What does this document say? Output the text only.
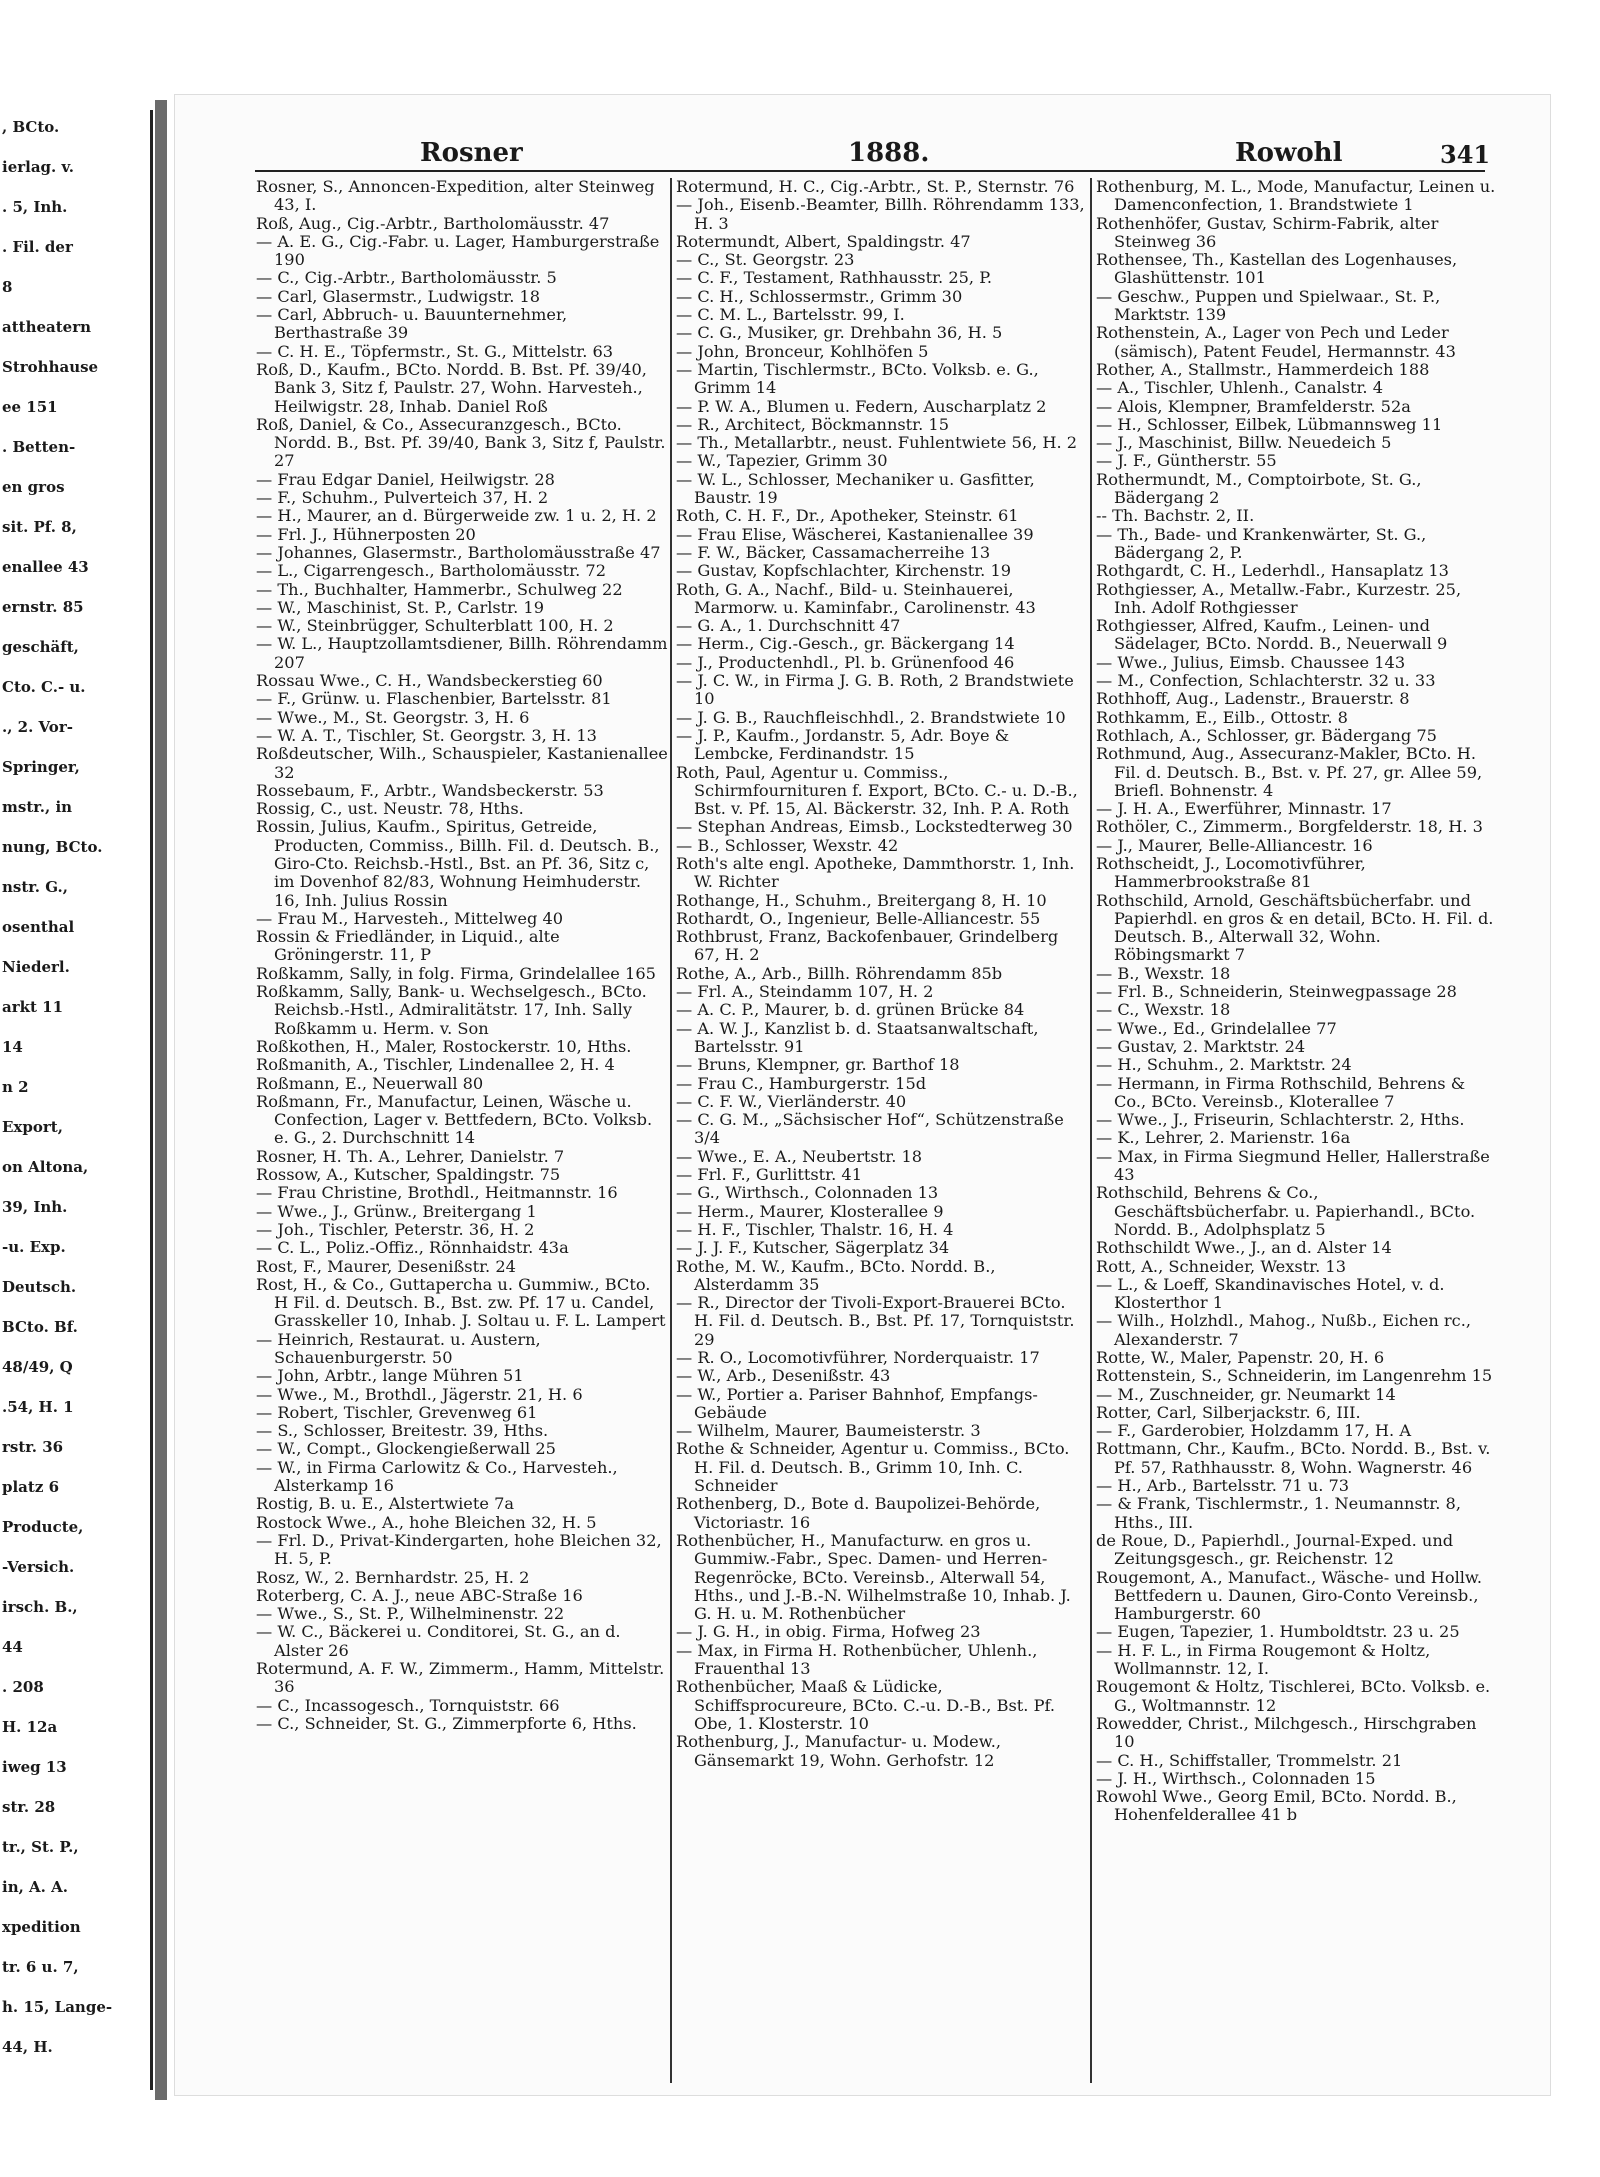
, BCto.
ierlag. v.
. 5, Inh.
. Fil. der
8
attheatern
Strohhause
ee 151
. Betten-
en gros
sit. Pf. 8,
enallee 43
ernstr. 85
geschäft,
Cto. C.- u.
., 2. Vor-
Springer,
mstr., in
nung, BCto.
nstr. G.,
osenthal
Niederl.
arkt 11
14
n 2
Export,
on Altona,
39, Inh.
-u. Exp.
Deutsch.
BCto. Bf.
48/49, Q
.54, H. 1
rstr. 36
platz 6
Producte,
-Versich.
irsch. B.,
44
. 208
H. 12a
iweg 13
str. 28
tr., St. P.,
in, A. A.
xpedition
tr. 6 u. 7,
h. 15, Lange-
44, H.
Rosner	1888.	Rowohl	341
Rosner, S., Annoncen-Expedition, alter Steinweg 43, I.
Roß, Aug., Cig.-Arbtr., Bartholomäusstr. 47
— A. E. G., Cig.-Fabr. u. Lager, Hamburgerstraße 190
— C., Cig.-Arbtr., Bartholomäusstr. 5
— Carl, Glasermstr., Ludwigstr. 18
— Carl, Abbruch- u. Bauunternehmer, Berthastraße 39
— C. H. E., Töpfermstr., St. G., Mittelstr. 63
Roß, D., Kaufm., BCto. Nordd. B. Bst. Pf. 39/40, Bank 3, Sitz f, Paulstr. 27, Wohn. Harvesteh., Heilwigstr. 28, Inhab. Daniel Roß
Roß, Daniel, & Co., Assecuranzgesch., BCto. Nordd. B., Bst. Pf. 39/40, Bank 3, Sitz f, Paulstr. 27
— Frau Edgar Daniel, Heilwigstr. 28
— F., Schuhm., Pulverteich 37, H. 2
— H., Maurer, an d. Bürgerweide zw. 1 u. 2, H. 2
— Frl. J., Hühnerposten 20
— Johannes, Glasermstr., Bartholomäusstraße 47
— L., Cigarrengesch., Bartholomäusstr. 72
— Th., Buchhalter, Hammerbr., Schulweg 22
— W., Maschinist, St. P., Carlstr. 19
— W., Steinbrügger, Schulterblatt 100, H. 2
— W. L., Hauptzollamtsdiener, Billh. Röhrendamm 207
Rossau Wwe., C. H., Wandsbeckerstieg 60
— F., Grünw. u. Flaschenbier, Bartelsstr. 81
— Wwe., M., St. Georgstr. 3, H. 6
— W. A. T., Tischler, St. Georgstr. 3, H. 13
Roßdeutscher, Wilh., Schauspieler, Kastanienallee 32
Rossebaum, F., Arbtr., Wandsbeckerstr. 53
Rossig, C., ust. Neustr. 78, Hths.
Rossin, Julius, Kaufm., Spiritus, Getreide, Producten, Commiss., Billh. Fil. d. Deutsch. B., Giro-Cto. Reichsb.-Hstl., Bst. an Pf. 36, Sitz c, im Dovenhof 82/83, Wohnung Heimhuderstr. 16, Inh. Julius Rossin
— Frau M., Harvesteh., Mittelweg 40
Rossin & Friedländer, in Liquid., alte Gröningerstr. 11, P
Roßkamm, Sally, in folg. Firma, Grindelallee 165
Roßkamm, Sally, Bank- u. Wechselgesch., BCto. Reichsb.-Hstl., Admiralitätstr. 17, Inh. Sally Roßkamm u. Herm. v. Son
Roßkothen, H., Maler, Rostockerstr. 10, Hths.
Roßmanith, A., Tischler, Lindenallee 2, H. 4
Roßmann, E., Neuerwall 80
Roßmann, Fr., Manufactur, Leinen, Wäsche u. Confection, Lager v. Bettfedern, BCto. Volksb. e. G., 2. Durchschnitt 14
Rosner, H. Th. A., Lehrer, Danielstr. 7
Rossow, A., Kutscher, Spaldingstr. 75
— Frau Christine, Brothdl., Heitmannstr. 16
— Wwe., J., Grünw., Breitergang 1
— Joh., Tischler, Peterstr. 36, H. 2
— C. L., Poliz.-Offiz., Rönnhaidstr. 43a
Rost, F., Maurer, Desenißstr. 24
Rost, H., & Co., Guttapercha u. Gummiw., BCto. H Fil. d. Deutsch. B., Bst. zw. Pf. 17 u. Candel, Grasskeller 10, Inhab. J. Soltau u. F. L. Lampert
— Heinrich, Restaurat. u. Austern, Schauenburgerstr. 50
— John, Arbtr., lange Mühren 51
— Wwe., M., Brothdl., Jägerstr. 21, H. 6
— Robert, Tischler, Grevenweg 61
— S., Schlosser, Breitestr. 39, Hths.
— W., Compt., Glockengießerwall 25
— W., in Firma Carlowitz & Co., Harvesteh., Alsterkamp 16
Rostig, B. u. E., Alstertwiete 7a
Rostock Wwe., A., hohe Bleichen 32, H. 5
— Frl. D., Privat-Kindergarten, hohe Bleichen 32, H. 5, P.
Rosz, W., 2. Bernhardstr. 25, H. 2
Roterberg, C. A. J., neue ABC-Straße 16
— Wwe., S., St. P., Wilhelminenstr. 22
— W. C., Bäckerei u. Conditorei, St. G., an d. Alster 26
Rotermund, A. F. W., Zimmerm., Hamm, Mittelstr. 36
— C., Incassogesch., Tornquiststr. 66
— C., Schneider, St. G., Zimmerpforte 6, Hths.
Rotermund, H. C., Cig.-Arbtr., St. P., Sternstr. 76
— Joh., Eisenb.-Beamter, Billh. Röhrendamm 133, H. 3
Rotermundt, Albert, Spaldingstr. 47
— C., St. Georgstr. 23
— C. F., Testament, Rathhausstr. 25, P.
— C. H., Schlossermstr., Grimm 30
— C. M. L., Bartelsstr. 99, I.
— C. G., Musiker, gr. Drehbahn 36, H. 5
— John, Bronceur, Kohlhöfen 5
— Martin, Tischlermstr., BCto. Volksb. e. G., Grimm 14
— P. W. A., Blumen u. Federn, Auscharplatz 2
— R., Architect, Böckmannstr. 15
— Th., Metallarbtr., neust. Fuhlentwiete 56, H. 2
— W., Tapezier, Grimm 30
— W. L., Schlosser, Mechaniker u. Gasfitter, Baustr. 19
Roth, C. H. F., Dr., Apotheker, Steinstr. 61
— Frau Elise, Wäscherei, Kastanienallee 39
— F. W., Bäcker, Cassamacherreihe 13
— Gustav, Kopfschlachter, Kirchenstr. 19
Roth, G. A., Nachf., Bild- u. Steinhauerei, Marmorw. u. Kaminfabr., Carolinenstr. 43
— G. A., 1. Durchschnitt 47
— Herm., Cig.-Gesch., gr. Bäckergang 14
— J., Productenhdl., Pl. b. Grünenfood 46
— J. C. W., in Firma J. G. B. Roth, 2 Brandstwiete 10
— J. G. B., Rauchfleischhdl., 2. Brandstwiete 10
— J. P., Kaufm., Jordanstr. 5, Adr. Boye & Lembcke, Ferdinandstr. 15
Roth, Paul, Agentur u. Commiss., Schirmfournituren f. Export, BCto. C.- u. D.-B., Bst. v. Pf. 15, Al. Bäckerstr. 32, Inh. P. A. Roth
— Stephan Andreas, Eimsb., Lockstedterweg 30
— B., Schlosser, Wexstr. 42
Roth's alte engl. Apotheke, Dammthorstr. 1, Inh. W. Richter
Rothange, H., Schuhm., Breitergang 8, H. 10
Rothardt, O., Ingenieur, Belle-Alliancestr. 55
Rothbrust, Franz, Backofenbauer, Grindelberg 67, H. 2
Rothe, A., Arb., Billh. Röhrendamm 85b
— Frl. A., Steindamm 107, H. 2
— A. C. P., Maurer, b. d. grünen Brücke 84
— A. W. J., Kanzlist b. d. Staatsanwaltschaft, Bartelsstr. 91
— Bruns, Klempner, gr. Barthof 18
— Frau C., Hamburgerstr. 15d
— C. F. W., Vierländerstr. 40
— C. G. M., „Sächsischer Hof“, Schützenstraße 3/4
— Wwe., E. A., Neubertstr. 18
— Frl. F., Gurlittstr. 41
— G., Wirthsch., Colonnaden 13
— Herm., Maurer, Klosterallee 9
— H. F., Tischler, Thalstr. 16, H. 4
— J. J. F., Kutscher, Sägerplatz 34
Rothe, M. W., Kaufm., BCto. Nordd. B., Alsterdamm 35
— R., Director der Tivoli-Export-Brauerei BCto. H. Fil. d. Deutsch. B., Bst. Pf. 17, Tornquiststr. 29
— R. O., Locomotivführer, Norderquaistr. 17
— W., Arb., Desenißstr. 43
— W., Portier a. Pariser Bahnhof, Empfangs-Gebäude
— Wilhelm, Maurer, Baumeisterstr. 3
Rothe & Schneider, Agentur u. Commiss., BCto. H. Fil. d. Deutsch. B., Grimm 10, Inh. C. Schneider
Rothenberg, D., Bote d. Baupolizei-Behörde, Victoriastr. 16
Rothenbücher, H., Manufacturw. en gros u. Gummiw.-Fabr., Spec. Damen- und Herren-Regenröcke, BCto. Vereinsb., Alterwall 54, Hths., und J.-B.-N. Wilhelmstraße 10, Inhab. J. G. H. u. M. Rothenbücher
— J. G. H., in obig. Firma, Hofweg 23
— Max, in Firma H. Rothenbücher, Uhlenh., Frauenthal 13
Rothenbücher, Maaß & Lüdicke, Schiffsprocureure, BCto. C.-u. D.-B., Bst. Pf. Obe, 1. Klosterstr. 10
Rothenburg, J., Manufactur- u. Modew., Gänsemarkt 19, Wohn. Gerhofstr. 12
Rothenburg, M. L., Mode, Manufactur, Leinen u. Damenconfection, 1. Brandstwiete 1
Rothenhöfer, Gustav, Schirm-Fabrik, alter Steinweg 36
Rothensee, Th., Kastellan des Logenhauses, Glashüttenstr. 101
— Geschw., Puppen und Spielwaar., St. P., Marktstr. 139
Rothenstein, A., Lager von Pech und Leder (sämisch), Patent Feudel, Hermannstr. 43
Rother, A., Stallmstr., Hammerdeich 188
— A., Tischler, Uhlenh., Canalstr. 4
— Alois, Klempner, Bramfelderstr. 52a
— H., Schlosser, Eilbek, Lübmannsweg 11
— J., Maschinist, Billw. Neuedeich 5
— J. F., Güntherstr. 55
Rothermundt, M., Comptoirbote, St. G., Bädergang 2
-- Th. Bachstr. 2, II.
— Th., Bade- und Krankenwärter, St. G., Bädergang 2, P.
Rothgardt, C. H., Lederhdl., Hansaplatz 13
Rothgiesser, A., Metallw.-Fabr., Kurzestr. 25, Inh. Adolf Rothgiesser
Rothgiesser, Alfred, Kaufm., Leinen- und Sädelager, BCto. Nordd. B., Neuerwall 9
— Wwe., Julius, Eimsb. Chaussee 143
— M., Confection, Schlachterstr. 32 u. 33
Rothhoff, Aug., Ladenstr., Brauerstr. 8
Rothkamm, E., Eilb., Ottostr. 8
Rothlach, A., Schlosser, gr. Bädergang 75
Rothmund, Aug., Assecuranz-Makler, BCto. H. Fil. d. Deutsch. B., Bst. v. Pf. 27, gr. Allee 59, Briefl. Bohnenstr. 4
— J. H. A., Ewerführer, Minnastr. 17
Rothöler, C., Zimmerm., Borgfelderstr. 18, H. 3
— J., Maurer, Belle-Alliancestr. 16
Rothscheidt, J., Locomotivführer, Hammerbrookstraße 81
Rothschild, Arnold, Geschäftsbücherfabr. und Papierhdl. en gros & en detail, BCto. H. Fil. d. Deutsch. B., Alterwall 32, Wohn. Röbingsmarkt 7
— B., Wexstr. 18
— Frl. B., Schneiderin, Steinwegpassage 28
— C., Wexstr. 18
— Wwe., Ed., Grindelallee 77
— Gustav, 2. Marktstr. 24
— H., Schuhm., 2. Marktstr. 24
— Hermann, in Firma Rothschild, Behrens & Co., BCto. Vereinsb., Kloterallee 7
— Wwe., J., Friseurin, Schlachterstr. 2, Hths.
— K., Lehrer, 2. Marienstr. 16a
— Max, in Firma Siegmund Heller, Hallerstraße 43
Rothschild, Behrens & Co., Geschäftsbücherfabr. u. Papierhandl., BCto. Nordd. B., Adolphsplatz 5
Rothschildt Wwe., J., an d. Alster 14
Rott, A., Schneider, Wexstr. 13
— L., & Loeff, Skandinavisches Hotel, v. d. Klosterthor 1
— Wilh., Holzhdl., Mahog., Nußb., Eichen rc., Alexanderstr. 7
Rotte, W., Maler, Papenstr. 20, H. 6
Rottenstein, S., Schneiderin, im Langenrehm 15
— M., Zuschneider, gr. Neumarkt 14
Rotter, Carl, Silberjackstr. 6, III.
— F., Garderobier, Holzdamm 17, H. A
Rottmann, Chr., Kaufm., BCto. Nordd. B., Bst. v. Pf. 57, Rathhausstr. 8, Wohn. Wagnerstr. 46
— H., Arb., Bartelsstr. 71 u. 73
— & Frank, Tischlermstr., 1. Neumannstr. 8, Hths., III.
de Roue, D., Papierhdl., Journal-Exped. und Zeitungsgesch., gr. Reichenstr. 12
Rougemont, A., Manufact., Wäsche- und Hollw. Bettfedern u. Daunen, Giro-Conto Vereinsb., Hamburgerstr. 60
— Eugen, Tapezier, 1. Humboldtstr. 23 u. 25
— H. F. L., in Firma Rougemont & Holtz, Wollmannstr. 12, I.
Rougemont & Holtz, Tischlerei, BCto. Volksb. e. G., Woltmannstr. 12
Rowedder, Christ., Milchgesch., Hirschgraben 10
— C. H., Schiffstaller, Trommelstr. 21
— J. H., Wirthsch., Colonnaden 15
Rowohl Wwe., Georg Emil, BCto. Nordd. B., Hohenfelderallee 41 b
